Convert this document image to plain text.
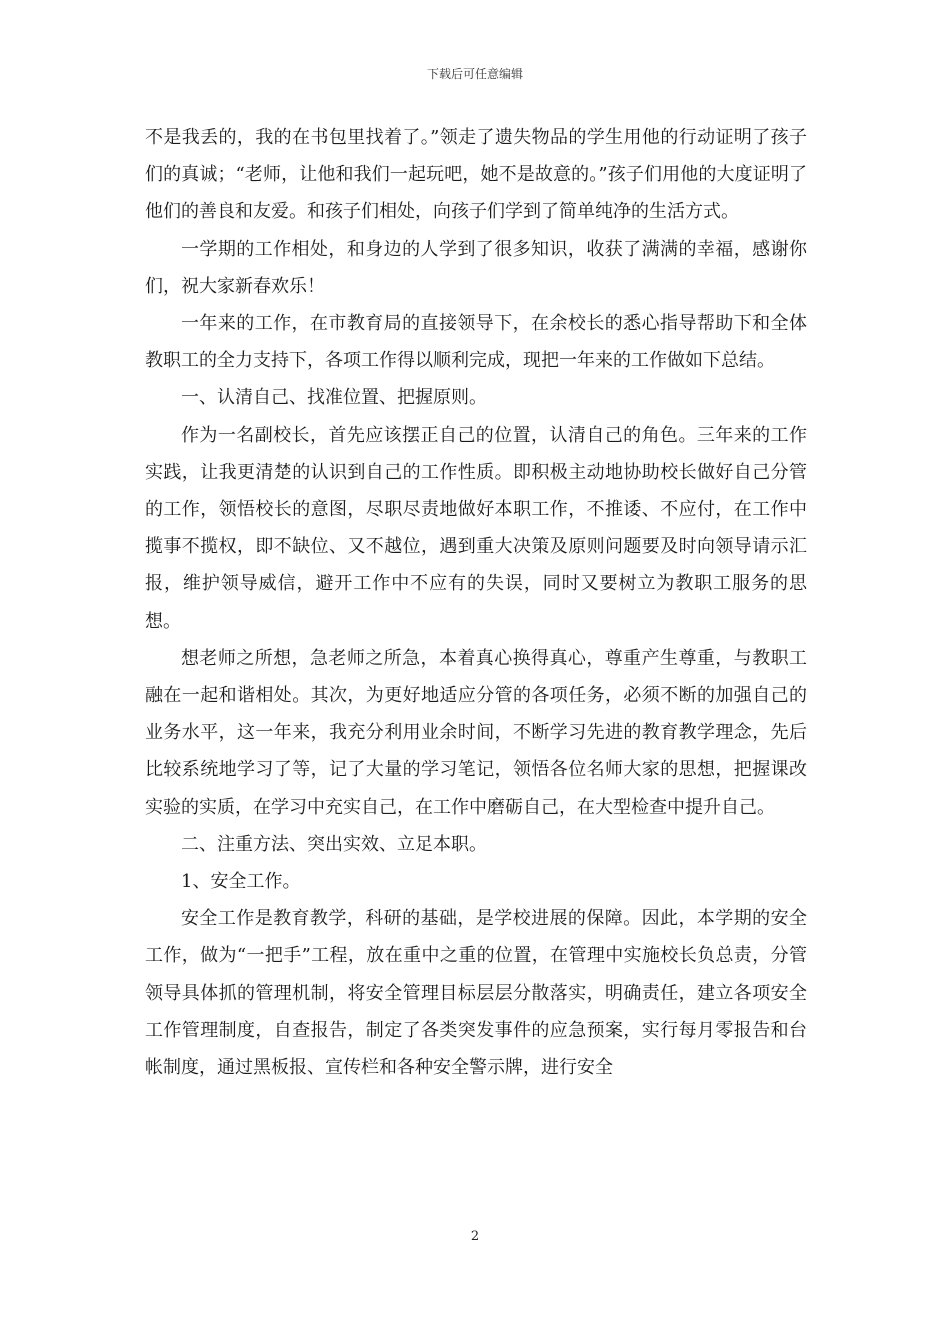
下载后可任意编辑

不是我丢的，我的在书包里找着了。”领走了遗失物品的学生用他的行动证明了孩子们的真诚；“老师，让他和我们一起玩吧，她不是故意的。”孩子们用他的大度证明了他们的善良和友爱。和孩子们相处，向孩子们学到了简单纯净的生活方式。

一学期的工作相处，和身边的人学到了很多知识，收获了满满的幸福，感谢你们，祝大家新春欢乐！

一年来的工作，在市教育局的直接领导下，在余校长的悉心指导帮助下和全体教职工的全力支持下，各项工作得以顺利完成，现把一年来的工作做如下总结。

一、认清自己、找准位置、把握原则。

作为一名副校长，首先应该摆正自己的位置，认清自己的角色。三年来的工作实践，让我更清楚的认识到自己的工作性质。即积极主动地协助校长做好自己分管的工作，领悟校长的意图，尽职尽责地做好本职工作，不推诿、不应付，在工作中揽事不揽权，即不缺位、又不越位，遇到重大决策及原则问题要及时向领导请示汇报，维护领导威信，避开工作中不应有的失误，同时又要树立为教职工服务的思想。

想老师之所想，急老师之所急，本着真心换得真心，尊重产生尊重，与教职工融在一起和谐相处。其次，为更好地适应分管的各项任务，必须不断的加强自己的业务水平，这一年来，我充分利用业余时间，不断学习先进的教育教学理念，先后比较系统地学习了等，记了大量的学习笔记，领悟各位名师大家的思想，把握课改实验的实质，在学习中充实自己，在工作中磨砺自己，在大型检查中提升自己。

二、注重方法、突出实效、立足本职。

1、安全工作。

安全工作是教育教学，科研的基础，是学校进展的保障。因此，本学期的安全工作，做为“一把手”工程，放在重中之重的位置，在管理中实施校长负总责，分管领导具体抓的管理机制，将安全管理目标层层分散落实，明确责任，建立各项安全工作管理制度，自查报告，制定了各类突发事件的应急预案，实行每月零报告和台帐制度，通过黑板报、宣传栏和各种安全警示牌，进行安全

2
